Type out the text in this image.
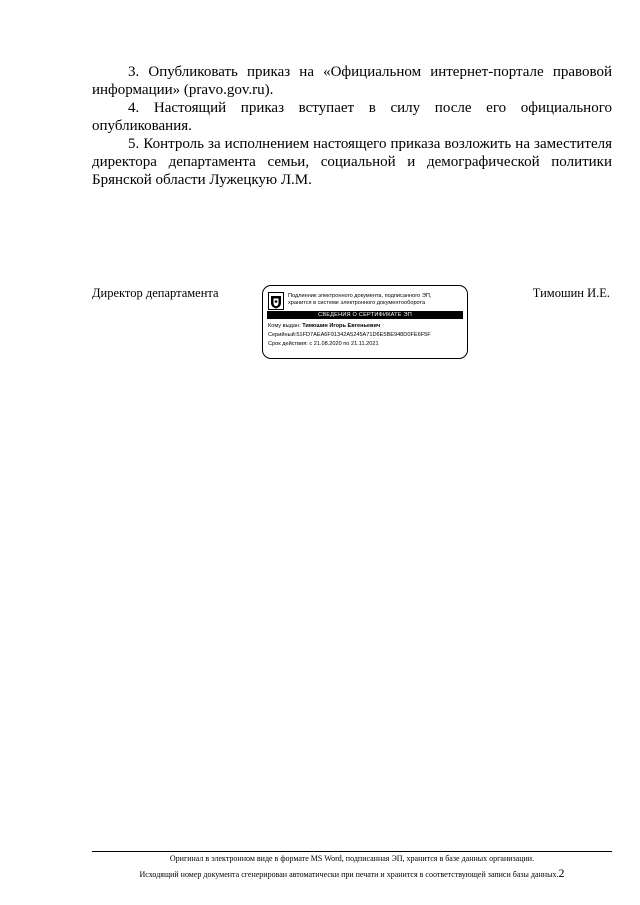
3. Опубликовать приказ на «Официальном интернет-портале правовой информации» (pravo.gov.ru).

4. Настоящий приказ вступает в силу после его официального опубликования.

5. Контроль за исполнением настоящего приказа возложить на заместителя директора департамента семьи, социальной и демографической политики Брянской области Лужецкую Л.М.

Директор департамента	Тимошин И.Е.
Подлинник электронного документа, подписанного ЭП,
хранится в системе электронного документооборота
СВЕДЕНИЯ О СЕРТИФИКАТЕ ЭП
Кому выдан: Тимошин Игорь Евгеньевич
Серийный:51FD7AEA6F91342A5245A71D6E5BE948D0FE6F5F
Срок действия: с 21.08.2020 по 21.11.2021
Оригинал в электронном виде в формате MS Word, подписанная ЭП, хранится в базе данных организации.
Исходящий номер документа сгенерирован автоматически при печати и хранится в соответствующей записи базы данных.2
